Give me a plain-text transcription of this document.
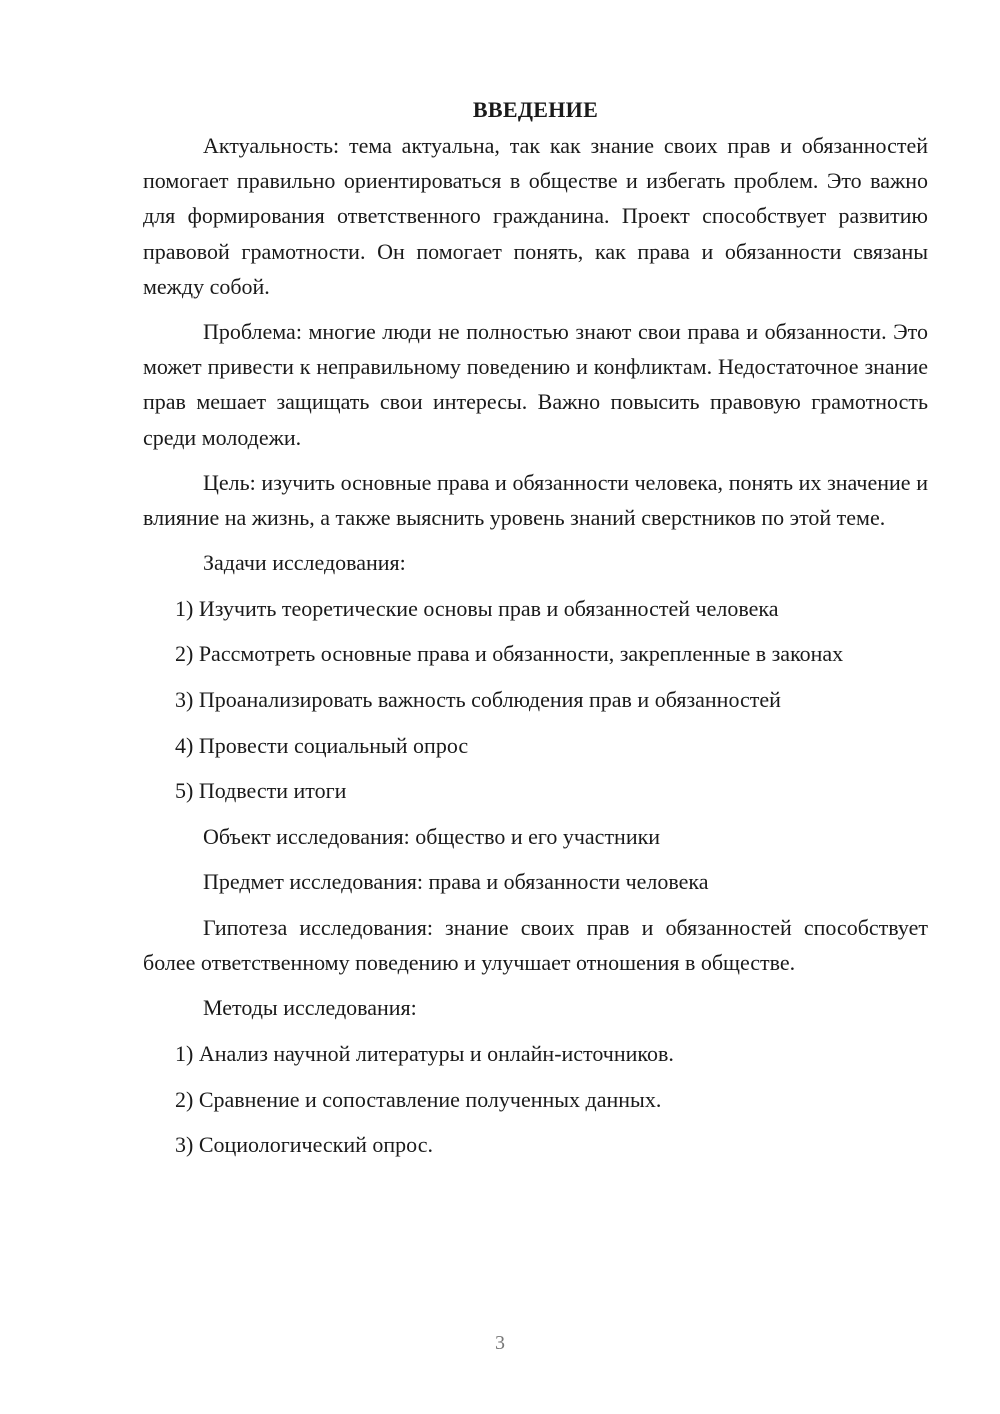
ВВЕДЕНИЕ

Актуальность: тема актуальна, так как знание своих прав и обязанностей помогает правильно ориентироваться в обществе и избегать проблем. Это важно для формирования ответственного гражданина. Проект способствует развитию правовой грамотности. Он помогает понять, как права и обязанности связаны между собой.

Проблема: многие люди не полностью знают свои права и обязанности. Это может привести к неправильному поведению и конфликтам. Недостаточное знание прав мешает защищать свои интересы. Важно повысить правовую грамотность среди молодежи.

Цель: изучить основные права и обязанности человека, понять их значение и влияние на жизнь, а также выяснить уровень знаний сверстников по этой теме.

Задачи исследования:
1) Изучить теоретические основы прав и обязанностей человека
2) Рассмотреть основные права и обязанности, закрепленные в законах
3) Проанализировать важность соблюдения прав и обязанностей
4) Провести социальный опрос
5) Подвести итоги
Объект исследования: общество и его участники
Предмет исследования: права и обязанности человека

Гипотеза исследования: знание своих прав и обязанностей способствует более ответственному поведению и улучшает отношения в обществе.

Методы исследования:
1) Анализ научной литературы и онлайн-источников.
2) Сравнение и сопоставление полученных данных.
3) Социологический опрос.
3
